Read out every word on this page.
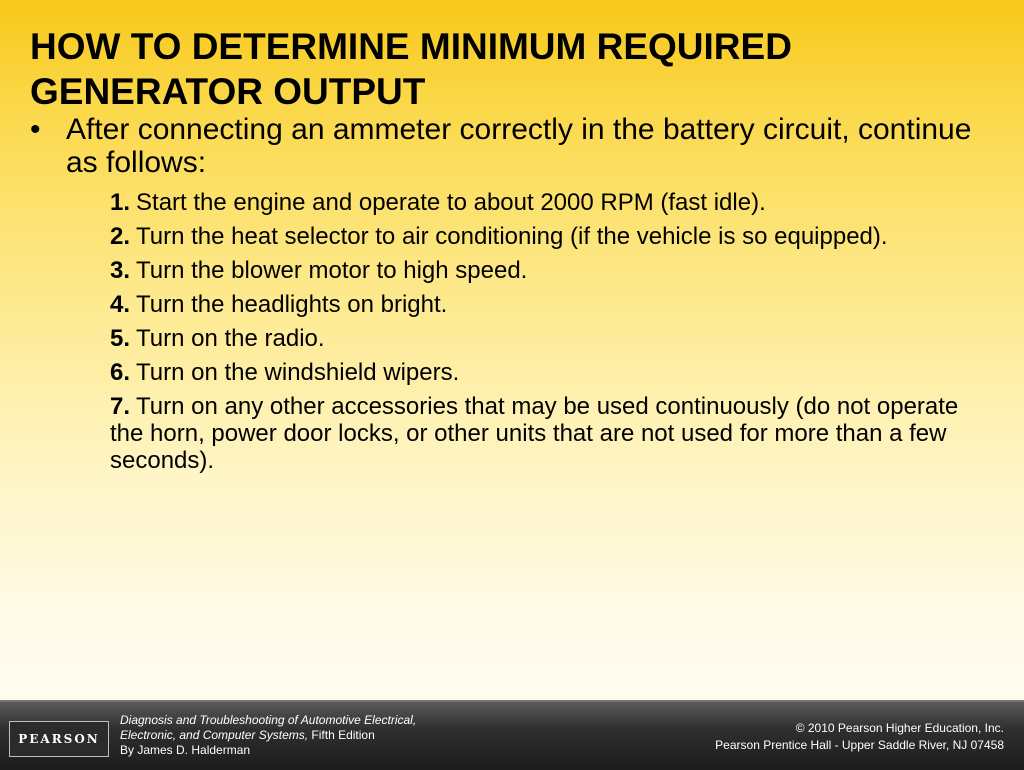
HOW TO DETERMINE MINIMUM REQUIRED GENERATOR OUTPUT
• After connecting an ammeter correctly in the battery circuit, continue as follows:
1. Start the engine and operate to about 2000 RPM (fast idle).
2. Turn the heat selector to air conditioning (if the vehicle is so equipped).
3. Turn the blower motor to high speed.
4. Turn the headlights on bright.
5. Turn on the radio.
6. Turn on the windshield wipers.
7. Turn on any other accessories that may be used continuously (do not operate the horn, power door locks, or other units that are not used for more than a few seconds).
PEARSON
Diagnosis and Troubleshooting of Automotive Electrical,
Electronic, and Computer Systems, Fifth Edition
By James D. Halderman
© 2010 Pearson Higher Education, Inc.
Pearson Prentice Hall - Upper Saddle River, NJ 07458
